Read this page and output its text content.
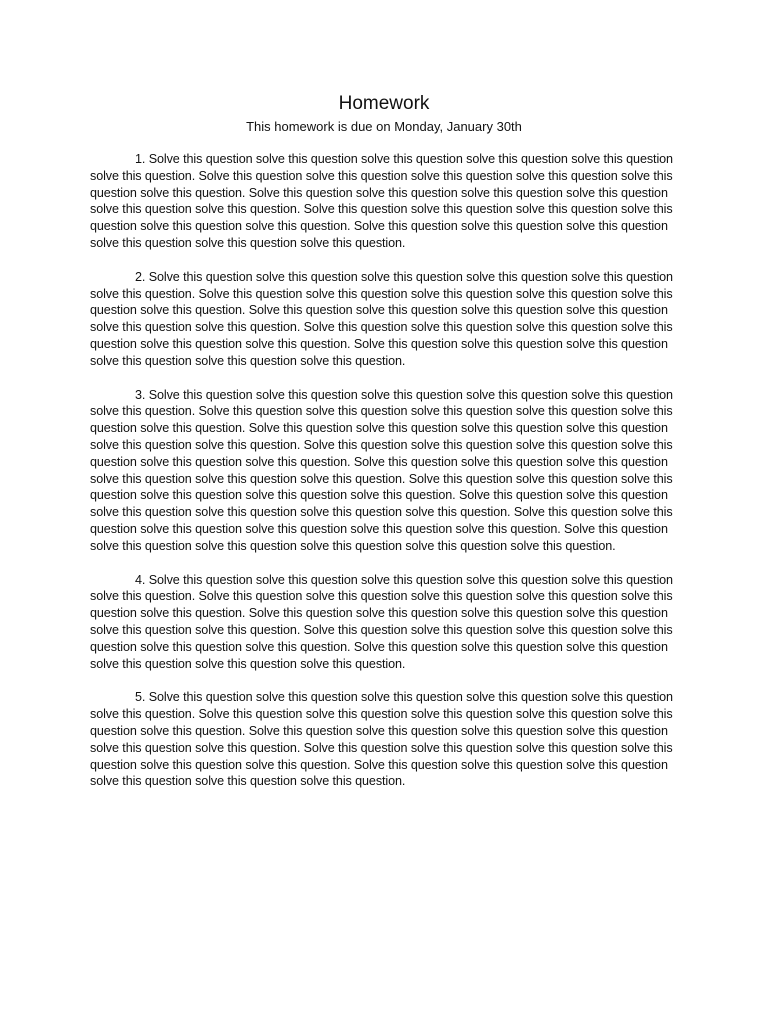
Homework
This homework is due on Monday, January 30th

1. Solve this question solve this question solve this question solve this question solve this question solve this question. Solve this question solve this question solve this question solve this question solve this question solve this question. Solve this question solve this question solve this question solve this question solve this question solve this question. Solve this question solve this question solve this question solve this question solve this question solve this question. Solve this question solve this question solve this question solve this question solve this question solve this question.

2. Solve this question solve this question solve this question solve this question solve this question solve this question. Solve this question solve this question solve this question solve this question solve this question solve this question. Solve this question solve this question solve this question solve this question solve this question solve this question. Solve this question solve this question solve this question solve this question solve this question solve this question. Solve this question solve this question solve this question solve this question solve this question solve this question.

3. Solve this question solve this question solve this question solve this question solve this question solve this question. Solve this question solve this question solve this question solve this question solve this question solve this question. Solve this question solve this question solve this question solve this question solve this question solve this question. Solve this question solve this question solve this question solve this question solve this question solve this question. Solve this question solve this question solve this question solve this question solve this question solve this question. Solve this question solve this question solve this question solve this question solve this question solve this question. Solve this question solve this question solve this question solve this question solve this question solve this question. Solve this question solve this question solve this question solve this question solve this question solve this question. Solve this question solve this question solve this question solve this question solve this question solve this question.

4. Solve this question solve this question solve this question solve this question solve this question solve this question. Solve this question solve this question solve this question solve this question solve this question solve this question. Solve this question solve this question solve this question solve this question solve this question solve this question. Solve this question solve this question solve this question solve this question solve this question solve this question. Solve this question solve this question solve this question solve this question solve this question solve this question.

5. Solve this question solve this question solve this question solve this question solve this question solve this question. Solve this question solve this question solve this question solve this question solve this question solve this question. Solve this question solve this question solve this question solve this question solve this question solve this question. Solve this question solve this question solve this question solve this question solve this question solve this question. Solve this question solve this question solve this question solve this question solve this question solve this question.
